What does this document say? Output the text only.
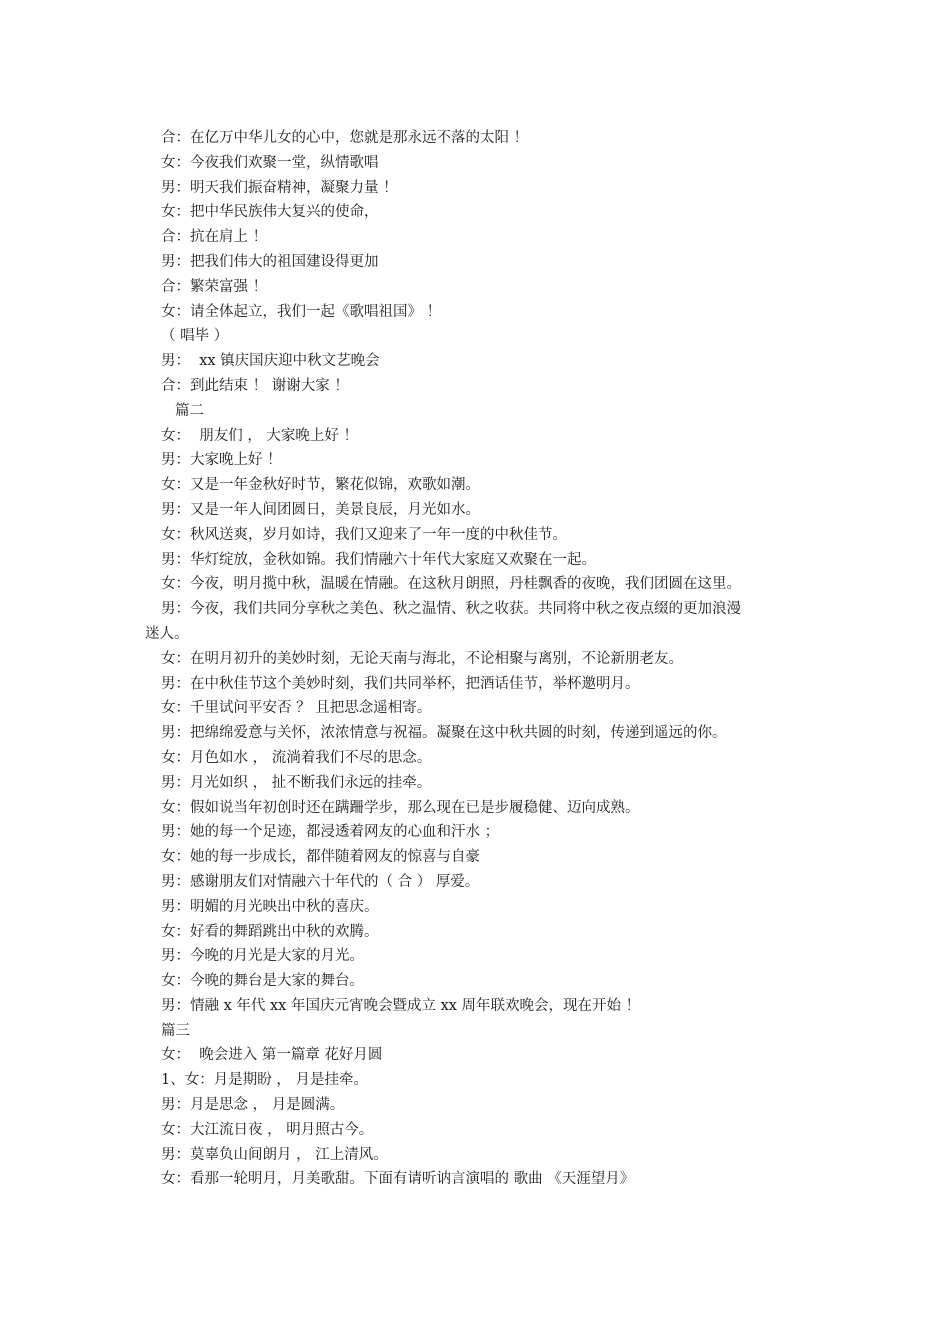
合：在亿万中华儿女的心中，您就是那永远不落的太阳 ！
女：今夜我们欢聚一堂，纵情歌唱
男：明天我们振奋精神，凝聚力量 ！
女：把中华民族伟大复兴的使命，
合：抗在肩上 ！
男：把我们伟大的祖国建设得更加
合：繁荣富强 ！
女：请全体起立，我们一起《歌唱祖国》 ！
（ 唱毕 ）
男：  xx 镇庆国庆迎中秋文艺晚会
合：到此结束 ！ 谢谢大家 ！
篇二
女：  朋友们 ， 大家晚上好 ！
男：大家晚上好 ！
女：又是一年金秋好时节，繁花似锦，欢歌如潮。
男：又是一年人间团圆日，美景良辰，月光如水。
女：秋风送爽，岁月如诗，我们又迎来了一年一度的中秋佳节。
男：华灯绽放，金秋如锦。我们情融六十年代大家庭又欢聚在一起。
女：今夜，明月揽中秋，温暖在情融。在这秋月朗照，丹桂飘香的夜晚，我们团圆在这里。
男：今夜，我们共同分享秋之美色、秋之温情、秋之收获。共同将中秋之夜点缀的更加浪漫
迷人。
女：在明月初升的美妙时刻，无论天南与海北，不论相聚与离别，不论新朋老友。
男：在中秋佳节这个美妙时刻，我们共同举杯，把酒话佳节，举杯邀明月。
女：千里试问平安否 ？ 且把思念遥相寄。
男：把绵绵爱意与关怀，浓浓情意与祝福。凝聚在这中秋共圆的时刻，传递到遥远的你。
女：月色如水 ， 流淌着我们不尽的思念。
男：月光如织 ， 扯不断我们永远的挂牵。
女：假如说当年初创时还在蹒跚学步，那么现在已是步履稳健、迈向成熟。
男：她的每一个足迹，都浸透着网友的心血和汗水 ；
女：她的每一步成长，都伴随着网友的惊喜与自豪
男：感谢朋友们对情融六十年代的（ 合 ） 厚爱。
男：明媚的月光映出中秋的喜庆。
女：好看的舞蹈跳出中秋的欢腾。
男：今晚的月光是大家的月光。
女：今晚的舞台是大家的舞台。
男：情融 x 年代 xx 年国庆元宵晚会暨成立 xx 周年联欢晚会，现在开始 ！
篇三
女：  晚会进入 第一篇章 花好月圆
1、女：月是期盼 ， 月是挂牵。
男：月是思念 ， 月是圆满。
女：大江流日夜 ， 明月照古今。
男：莫辜负山间朗月 ， 江上清风。
女：看那一轮明月，月美歌甜。下面有请听讷言演唱的 歌曲 《天涯望月》
